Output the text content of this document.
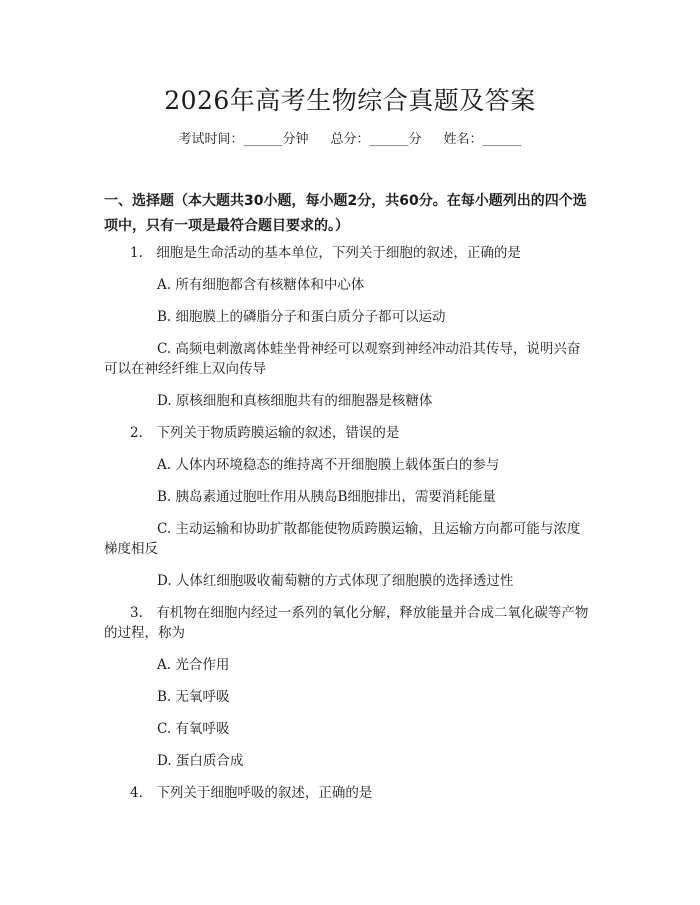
2026年高考生物综合真题及答案
考试时间：______分钟 总分：______分 姓名：______
一、选择题（本大题共30小题，每小题2分，共60分。在每小题列出的四个选项中，只有一项是最符合题目要求的。）
1.　细胞是生命活动的基本单位，下列关于细胞的叙述，正确的是
A. 所有细胞都含有核糖体和中心体
B. 细胞膜上的磷脂分子和蛋白质分子都可以运动
C. 高频电刺激离体蛙坐骨神经可以观察到神经冲动沿其传导，说明兴奋
可以在神经纤维上双向传导
D. 原核细胞和真核细胞共有的细胞器是核糖体
2.　下列关于物质跨膜运输的叙述，错误的是
A. 人体内环境稳态的维持离不开细胞膜上载体蛋白的参与
B. 胰岛素通过胞吐作用从胰岛B细胞排出，需要消耗能量
C. 主动运输和协助扩散都能使物质跨膜运输，且运输方向都可能与浓度
梯度相反
D. 人体红细胞吸收葡萄糖的方式体现了细胞膜的选择透过性
3.　有机物在细胞内经过一系列的氧化分解，释放能量并合成二氧化碳等产物
的过程，称为
A. 光合作用
B. 无氧呼吸
C. 有氧呼吸
D. 蛋白质合成
4.　下列关于细胞呼吸的叙述，正确的是
